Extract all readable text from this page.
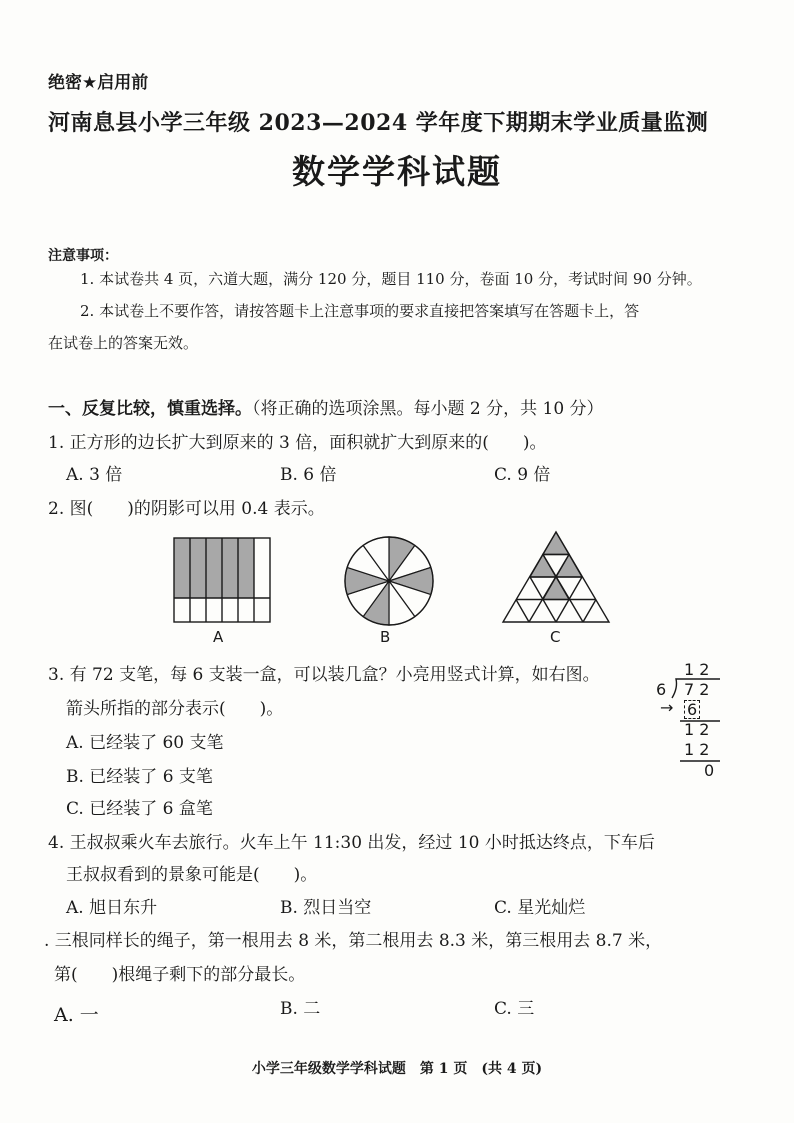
绝密★启用前
河南息县小学三年级 2023—2024 学年度下期期末学业质量监测
数学学科试题
注意事项：
1. 本试卷共 4 页，六道大题，满分 120 分，题目 110 分，卷面 10 分，考试时间 90 分钟。
2. 本试卷上不要作答，请按答题卡上注意事项的要求直接把答案填写在答题卡上，答
在试卷上的答案无效。
一、反复比较，慎重选择。（将正确的选项涂黑。每小题 2 分，共 10 分）
1. 正方形的边长扩大到原来的 3 倍，面积就扩大到原来的(　　)。
A. 3 倍	B. 6 倍	C. 9 倍
2. 图(　　)的阴影可以用 0.4 表示。
A	B	C
3. 有 72 支笔，每 6 支装一盒，可以装几盒？小亮用竖式计算，如右图。
箭头所指的部分表示(　　)。
A. 已经装了 60 支笔
B. 已经装了 6 支笔
C. 已经装了 6 盒笔
1 2
6 7 2
→ 6
1 2
1 2
0
4. 王叔叔乘火车去旅行。火车上午 11:30 出发，经过 10 小时抵达终点，下车后
王叔叔看到的景象可能是(　　)。
A. 旭日东升	B. 烈日当空	C. 星光灿烂
. 三根同样长的绳子，第一根用去 8 米，第二根用去 8.3 米，第三根用去 8.7 米，
第(　　)根绳子剩下的部分最长。
A. 一	B. 二	C. 三
小学三年级数学学科试题　第 1 页　(共 4 页)
